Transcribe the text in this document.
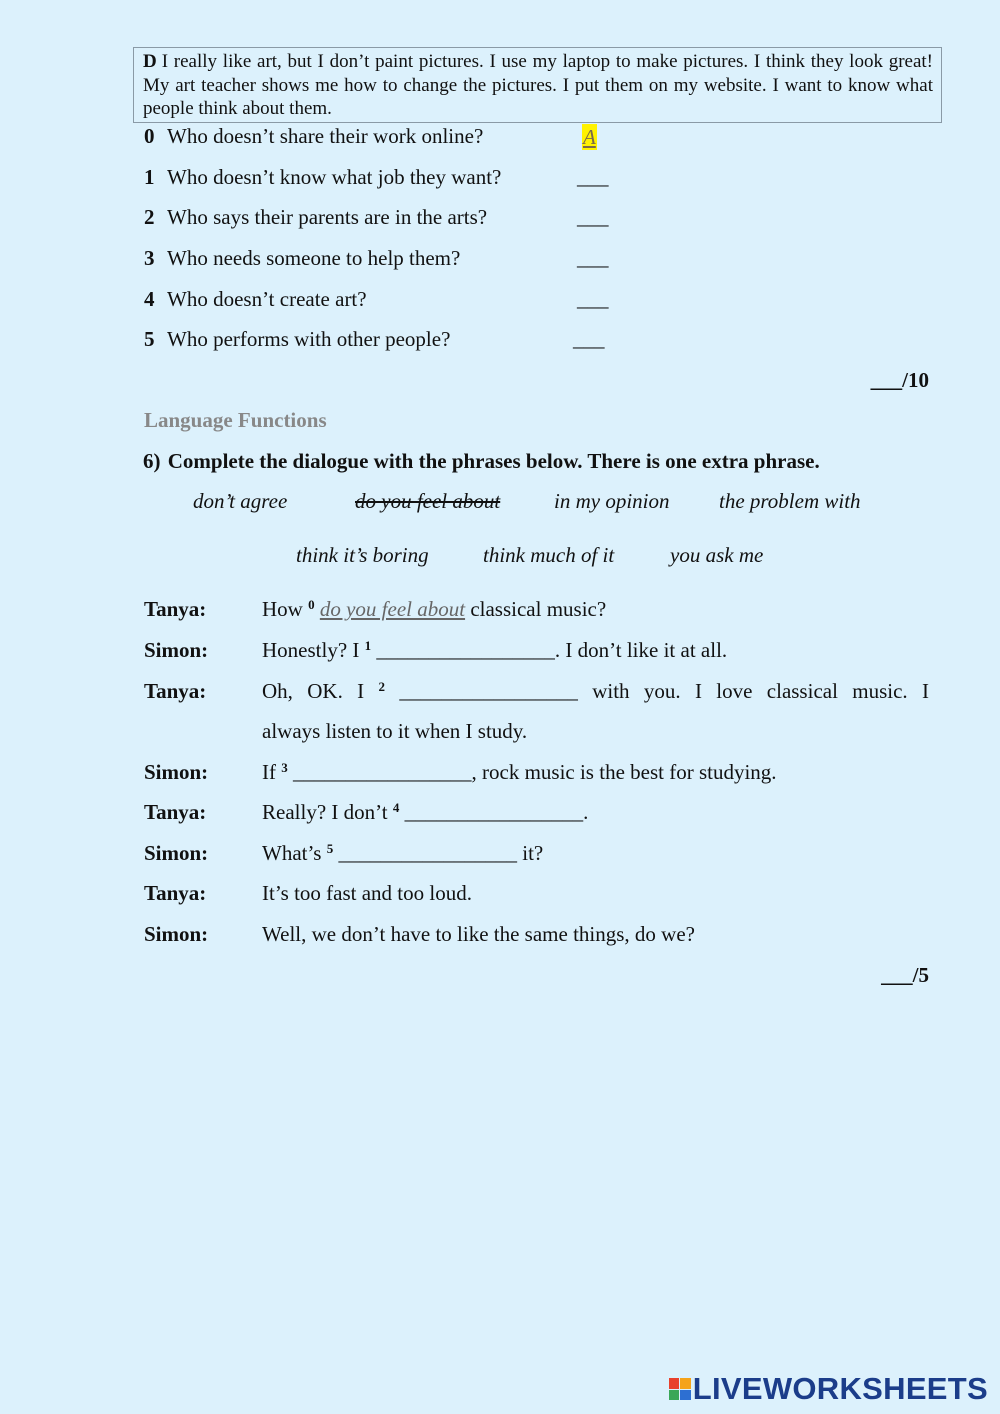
D I really like art, but I don’t paint pictures. I use my laptop to make pictures. I think they look great! My art teacher shows me how to change the pictures. I put them on my website. I want to know what people think about them.
0 Who doesn’t share their work online?	A
1 Who doesn’t know what job they want?	___
2 Who says their parents are in the arts?	___
3 Who needs someone to help them?	___
4 Who doesn’t create art?	___
5 Who performs with other people?	___
___/10
Language Functions
6) Complete the dialogue with the phrases below. There is one extra phrase.
don’t agree	do you feel about	in my opinion the problem with
think it’s boring	think much of it	you ask me
Tanya:	How $^0$ do you feel about classical music?
Simon:	Honestly? I $^1$ _________________. I don’t like it at all.
Tanya:	Oh, OK. I $^2$ _________________ with you. I love classical music. I
always listen to it when I study.
Simon:	If $^3$ _________________, rock music is the best for studying.
Tanya:	Really? I don’t $^4$ _________________.
Simon:	What’s $^5$ _________________ it?
Tanya:	It’s too fast and too loud.
Simon:	Well, we don’t have to like the same things, do we?
___/5
LIVEWORKSHEETS
